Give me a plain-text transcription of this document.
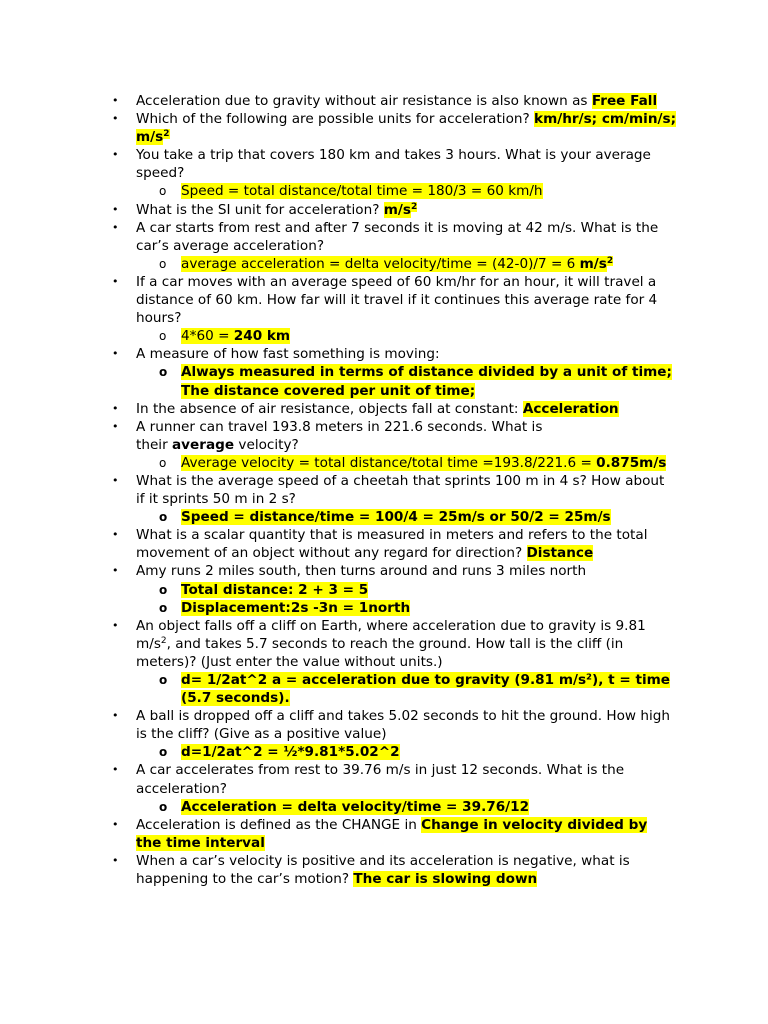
• Acceleration due to gravity without air resistance is also known as Free Fall
• Which of the following are possible units for acceleration? km/hr/s; cm/min/s; $m/s^2$
• You take a trip that covers 180 km and takes 3 hours. What is your average speed?
o Speed = total distance/total time = 180/3 = 60 km/h
• What is the SI unit for acceleration? $m/s^2$
• A car starts from rest and after 7 seconds it is moving at 42 m/s. What is the car’s average acceleration?
o average acceleration = delta velocity/time = (42-0)/7 = 6 $m/s^2$
• If a car moves with an average speed of 60 km/hr for an hour, it will travel a distance of 60 km. How far will it travel if it continues this average rate for 4 hours?
o 4*60 = 240 km
• A measure of how fast something is moving:
o Always measured in terms of distance divided by a unit of time; The distance covered per unit of time;
• In the absence of air resistance, objects fall at constant: Acceleration
• A runner can travel 193.8 meters in 221.6 seconds. What is
their average velocity?
o Average velocity = total distance/total time =193.8/221.6 = 0.875m/s
• What is the average speed of a cheetah that sprints 100 m in 4 s? How about if it sprints 50 m in 2 s?
o Speed = distance/time = 100/4 = 25m/s or 50/2 = 25m/s
• What is a scalar quantity that is measured in meters and refers to the total movement of an object without any regard for direction? Distance
• Amy runs 2 miles south, then turns around and runs 3 miles north
o Total distance: 2 + 3 = 5
o Displacement:2s -3n = 1north
• An object falls off a cliff on Earth, where acceleration due to gravity is 9.81 $m/s^2$, and takes 5.7 seconds to reach the ground. How tall is the cliff (in meters)? (Just enter the value without units.)
o d= 1/2at^2 a = acceleration due to gravity (9.81 m/s²), t = time (5.7 seconds).
• A ball is dropped off a cliff and takes 5.02 seconds to hit the ground. How high is the cliff? (Give as a positive value)
o d=1/2at^2 = ½*9.81*5.02^2
• A car accelerates from rest to 39.76 m/s in just 12 seconds. What is the acceleration?
o Acceleration = delta velocity/time = 39.76/12
• Acceleration is defined as the CHANGE in Change in velocity divided by the time interval
• When a car’s velocity is positive and its acceleration is negative, what is happening to the car’s motion? The car is slowing down
